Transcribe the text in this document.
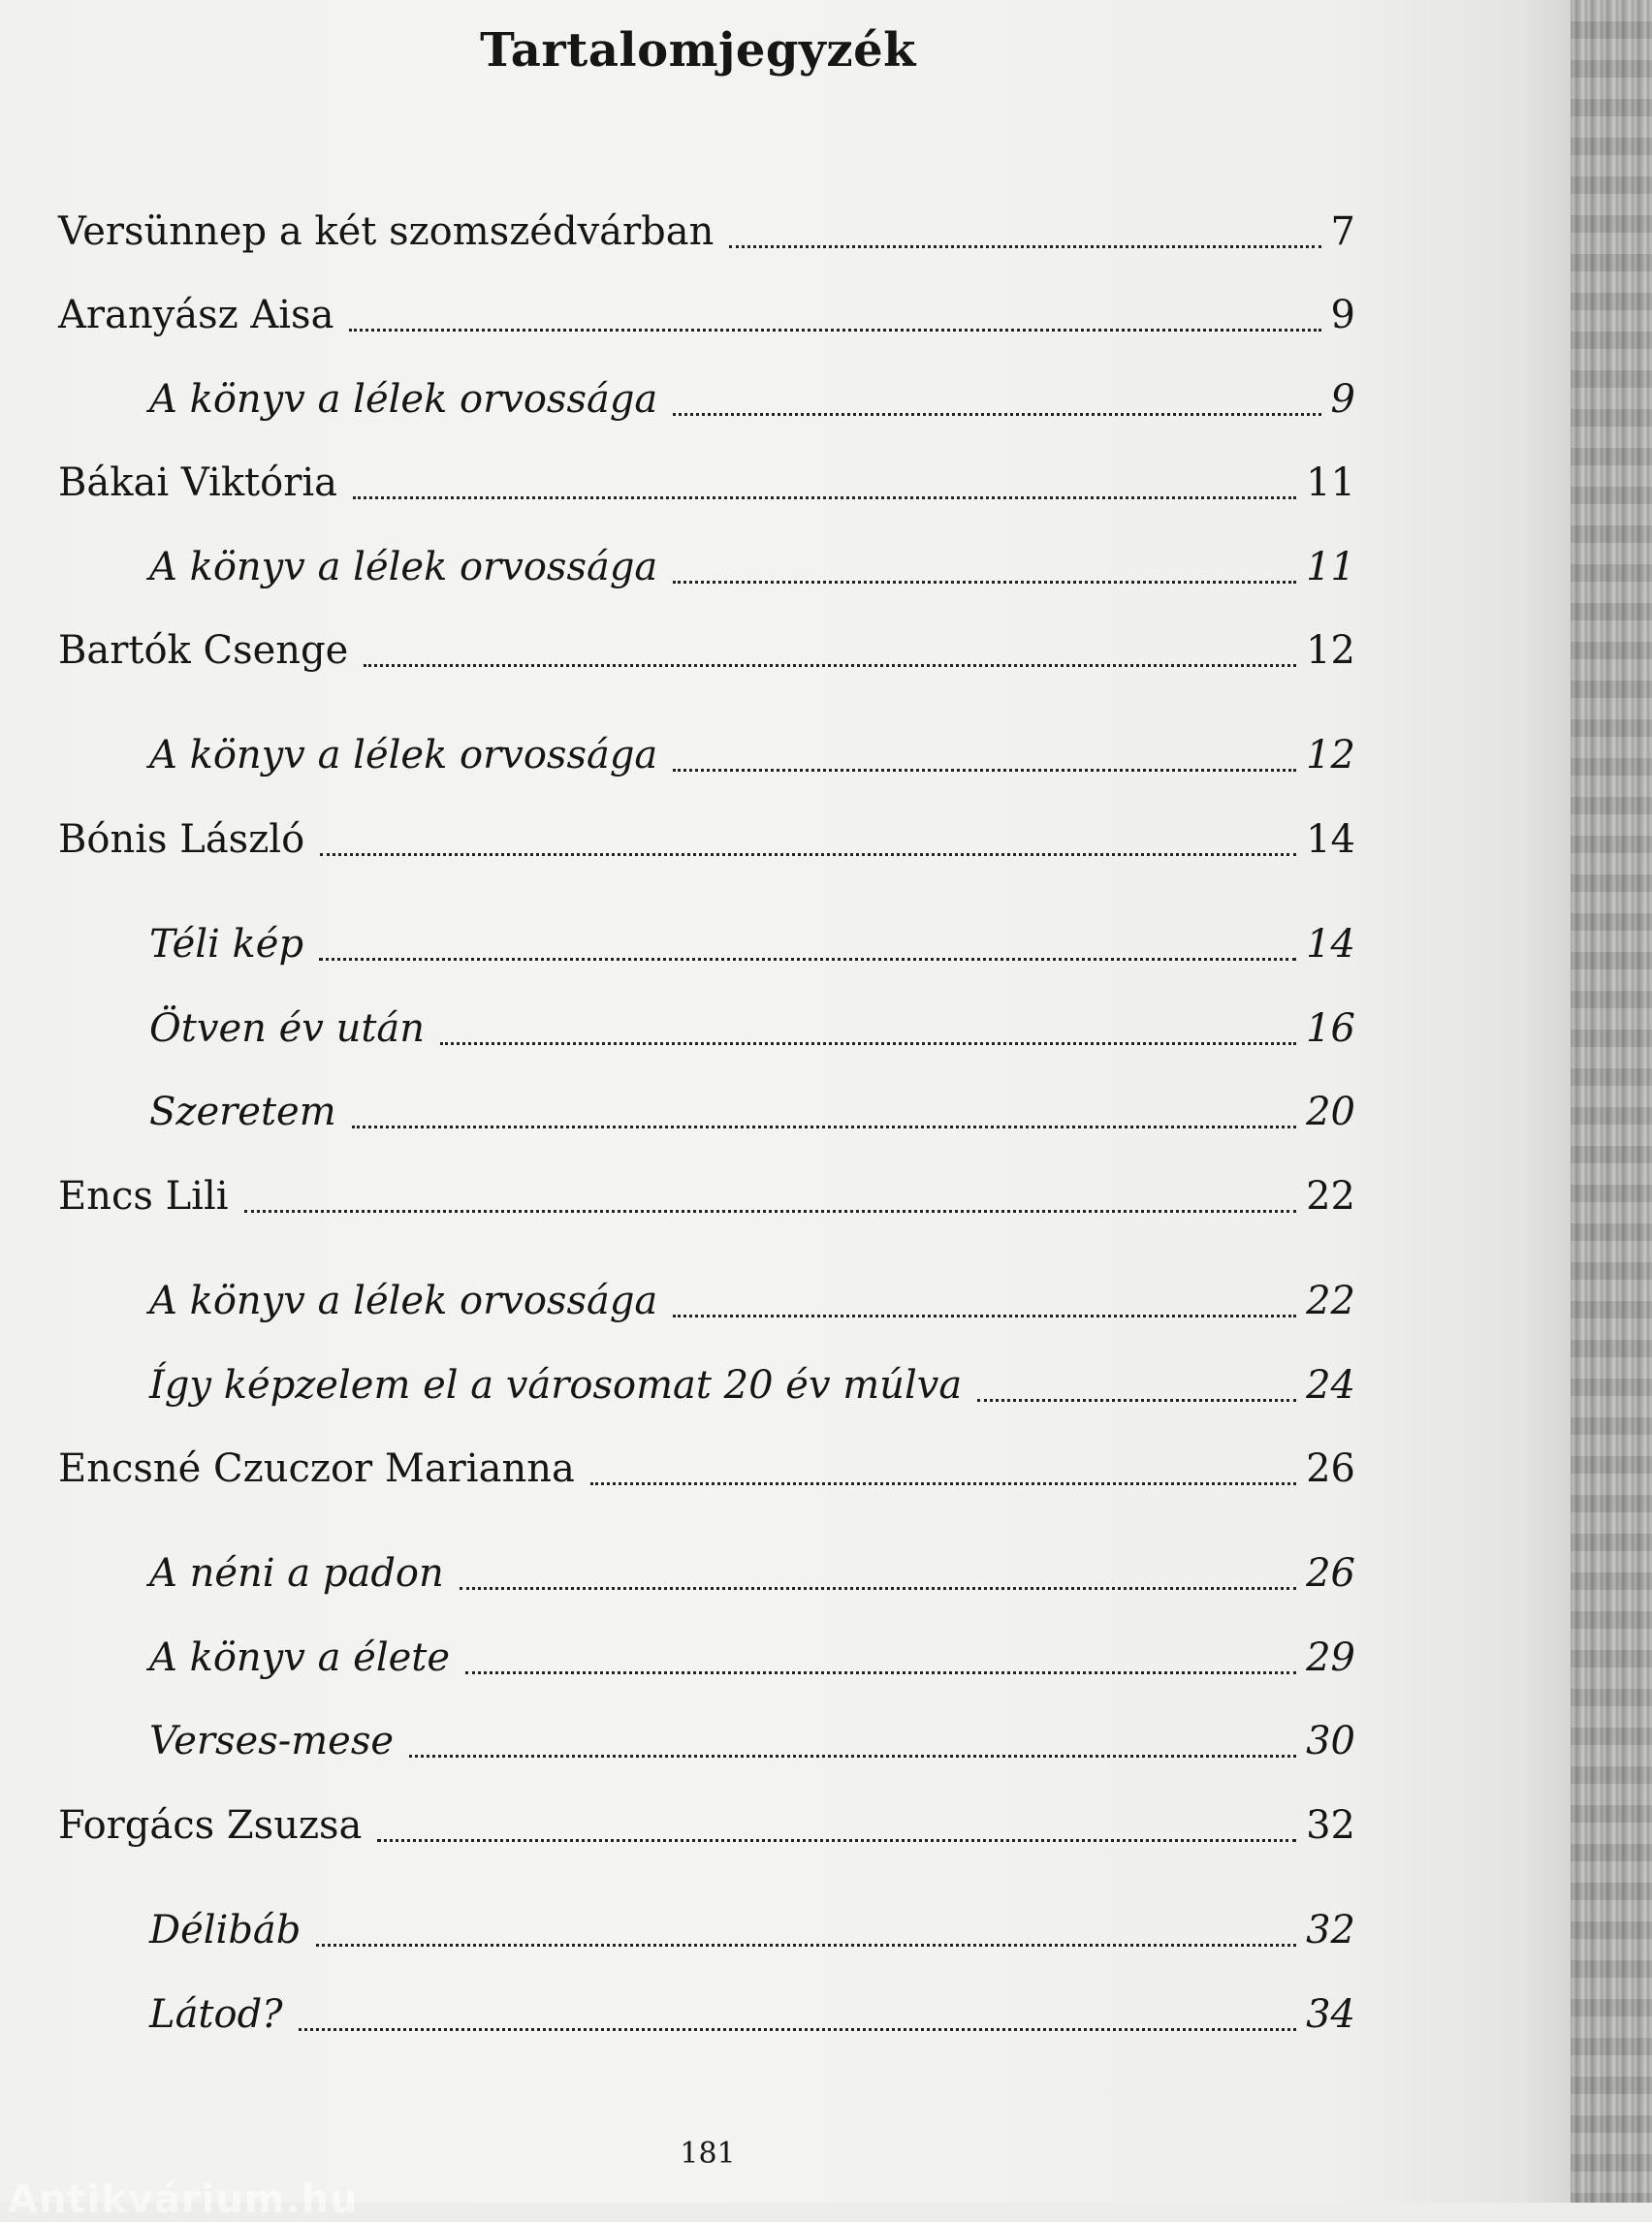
Tartalomjegyzék
Versünnep a két szomszédvárban	7
Aranyász Aisa	9
A könyv a lélek orvossága	9
Bákai Viktória	11
A könyv a lélek orvossága	11
Bartók Csenge	12
A könyv a lélek orvossága	12
Bónis László	14
Téli kép	14
Ötven év után	16
Szeretem	20
Encs Lili	22
A könyv a lélek orvossága	22
Így képzelem el a városomat 20 év múlva	24
Encsné Czuczor Marianna	26
A néni a padon	26
A könyv a élete	29
Verses-mese	30
Forgács Zsuzsa	32
Délibáb	32
Látod?	34
181
Antikvárium.hu
